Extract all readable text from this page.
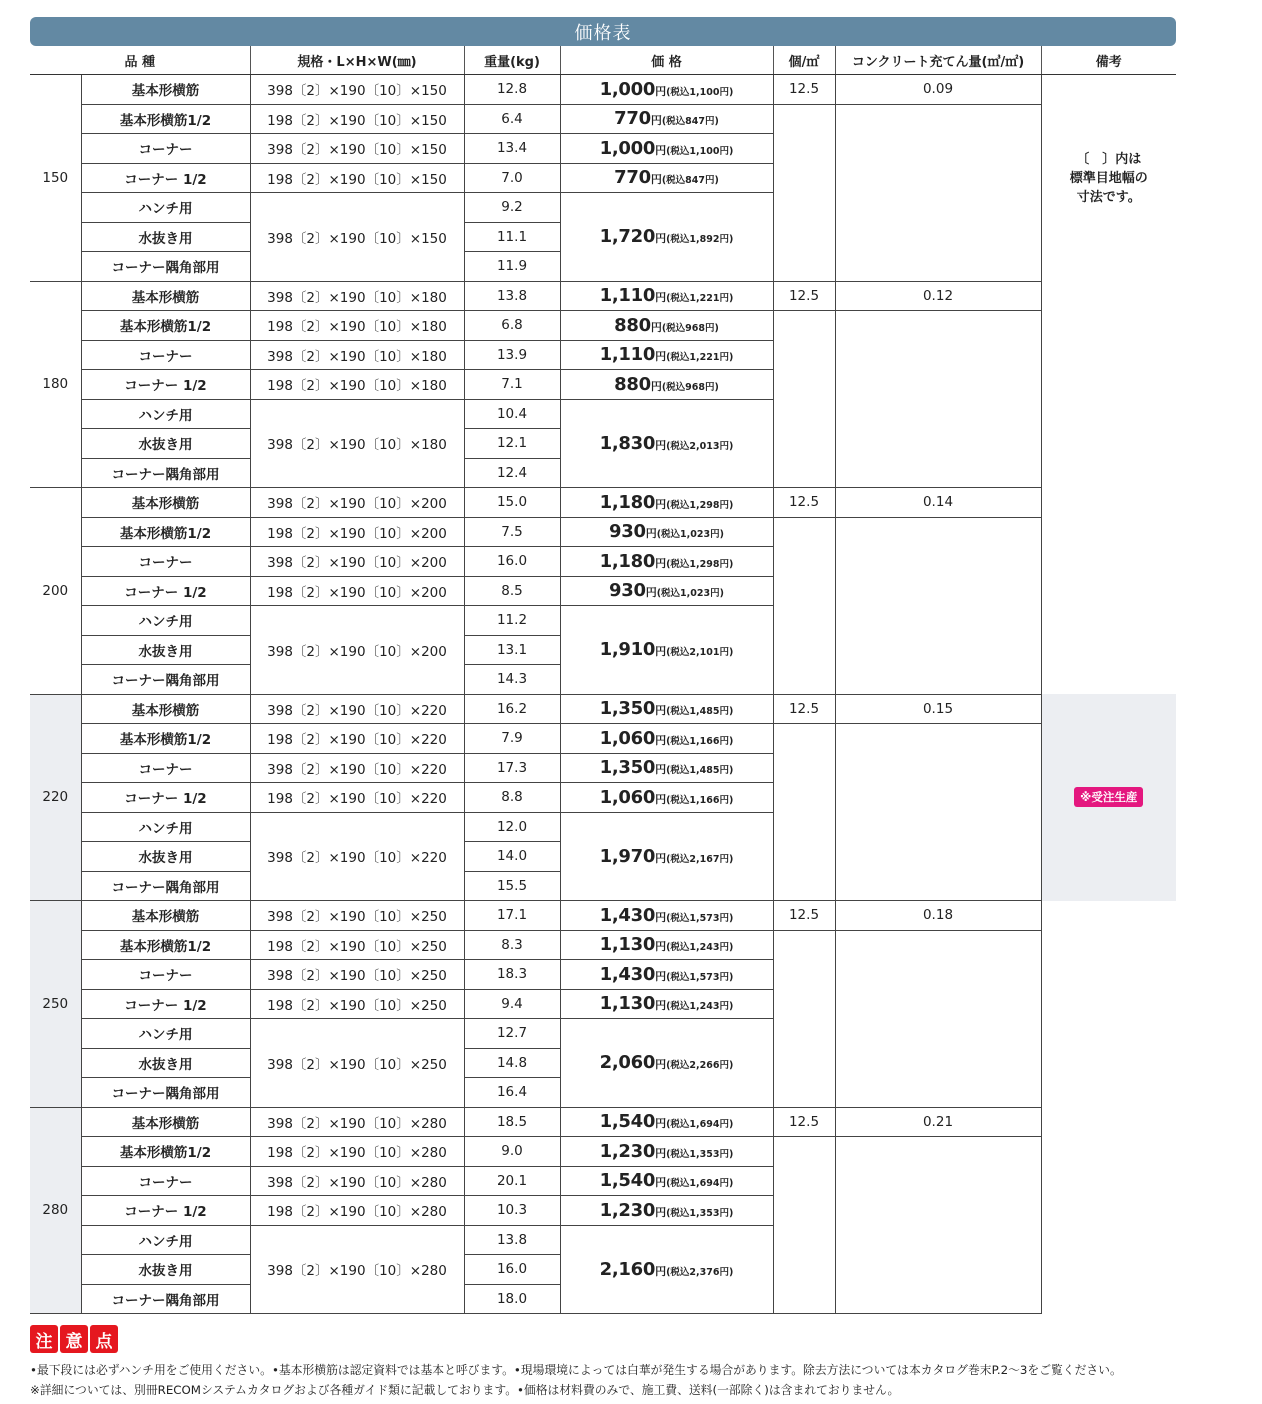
価格表
品 種		規格・L×H×W(㎜)	重量(kg)	価 格	個/㎡	コンクリート充てん量(㎥/㎡)	備考
150	基本形横筋	398〔2〕×190〔10〕×150	12.8	1,000円(税込1,100円)	12.5	0.09	〔　〕内は
標準目地幅の
寸法です。

	基本形横筋1/2	198〔2〕×190〔10〕×150	6.4	770円(税込847円)			
	コーナー	398〔2〕×190〔10〕×150	13.4	1,000円(税込1,100円)			
	コーナー 1/2	198〔2〕×190〔10〕×150	7.0	770円(税込847円)			
	ハンチ用	398〔2〕×190〔10〕×150	9.2	1,720円(税込1,892円)			
	水抜き用		11.1				
	コーナー隅角部用		11.9				
180	基本形横筋	398〔2〕×190〔10〕×180	13.8	1,110円(税込1,221円)	12.5	0.12	
	基本形横筋1/2	198〔2〕×190〔10〕×180	6.8	880円(税込968円)			
	コーナー	398〔2〕×190〔10〕×180	13.9	1,110円(税込1,221円)			
	コーナー 1/2	198〔2〕×190〔10〕×180	7.1	880円(税込968円)			
	ハンチ用	398〔2〕×190〔10〕×180	10.4	1,830円(税込2,013円)			
	水抜き用		12.1				
	コーナー隅角部用		12.4				
200	基本形横筋	398〔2〕×190〔10〕×200	15.0	1,180円(税込1,298円)	12.5	0.14	
	基本形横筋1/2	198〔2〕×190〔10〕×200	7.5	930円(税込1,023円)			
	コーナー	398〔2〕×190〔10〕×200	16.0	1,180円(税込1,298円)			
	コーナー 1/2	198〔2〕×190〔10〕×200	8.5	930円(税込1,023円)			
	ハンチ用	398〔2〕×190〔10〕×200	11.2	1,910円(税込2,101円)			
	水抜き用		13.1				
	コーナー隅角部用		14.3				
220	基本形横筋	398〔2〕×190〔10〕×220	16.2	1,350円(税込1,485円)	12.5	0.15	※受注生産
	基本形横筋1/2	198〔2〕×190〔10〕×220	7.9	1,060円(税込1,166円)			
	コーナー	398〔2〕×190〔10〕×220	17.3	1,350円(税込1,485円)			
	コーナー 1/2	198〔2〕×190〔10〕×220	8.8	1,060円(税込1,166円)			
	ハンチ用	398〔2〕×190〔10〕×220	12.0	1,970円(税込2,167円)			
	水抜き用		14.0				
	コーナー隅角部用		15.5				
250	基本形横筋	398〔2〕×190〔10〕×250	17.1	1,430円(税込1,573円)	12.5	0.18	
	基本形横筋1/2	198〔2〕×190〔10〕×250	8.3	1,130円(税込1,243円)			
	コーナー	398〔2〕×190〔10〕×250	18.3	1,430円(税込1,573円)			
	コーナー 1/2	198〔2〕×190〔10〕×250	9.4	1,130円(税込1,243円)			
	ハンチ用	398〔2〕×190〔10〕×250	12.7	2,060円(税込2,266円)			
	水抜き用		14.8				
	コーナー隅角部用		16.4				
280	基本形横筋	398〔2〕×190〔10〕×280	18.5	1,540円(税込1,694円)	12.5	0.21	
	基本形横筋1/2	198〔2〕×190〔10〕×280	9.0	1,230円(税込1,353円)			
	コーナー	398〔2〕×190〔10〕×280	20.1	1,540円(税込1,694円)			
	コーナー 1/2	198〔2〕×190〔10〕×280	10.3	1,230円(税込1,353円)			
	ハンチ用	398〔2〕×190〔10〕×280	13.8	2,160円(税込2,376円)			
	水抜き用		16.0				
	コーナー隅角部用		18.0				
注 意 点
•最下段には必ずハンチ用をご使用ください。•基本形横筋は認定資料では基本と呼びます。•現場環境によっては白華が発生する場合があります。除去方法については本カタログ巻末P.2〜3をご覧ください。
※詳細については、別冊RECOMシステムカタログおよび各種ガイド類に記載しております。•価格は材料費のみで、施工費、送料(一部除く)は含まれておりません。
